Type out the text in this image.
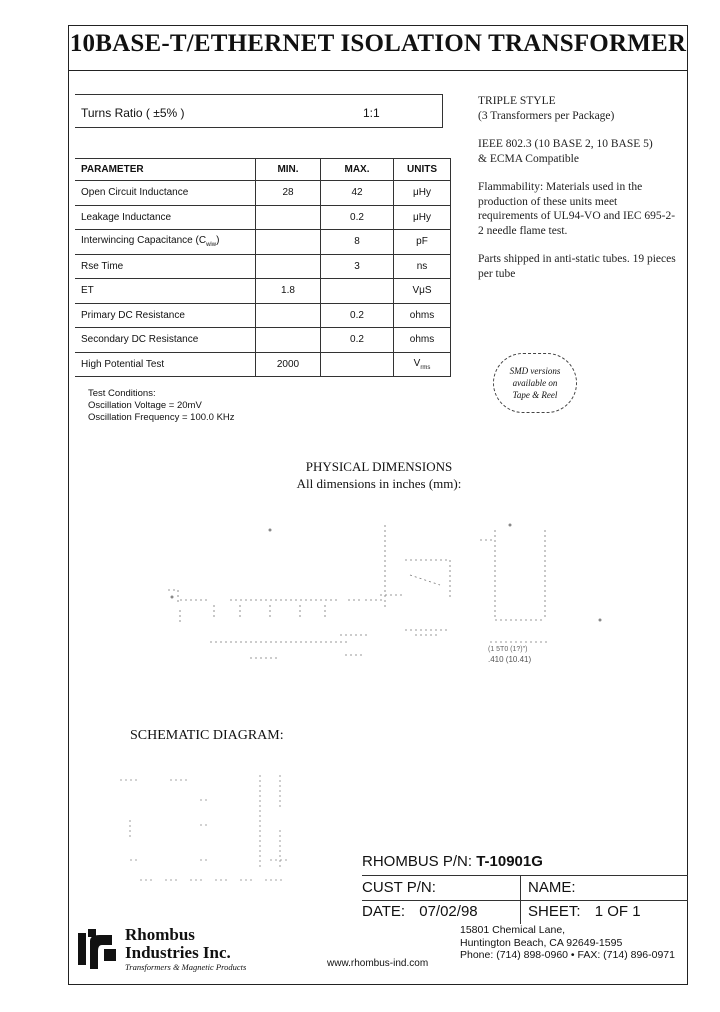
10BASE-T/ETHERNET ISOLATION TRANSFORMER
Turns Ratio ( ±5% )	1:1
PARAMETER	MIN.	MAX.	UNITS
Open Circuit Inductance	28	42	μHy
Leakage Inductance		0.2	μHy
Interwincing Capacitance $(C_{wiw})$		8	pF
Rse Time		3	ns
ET	1.8		VμS
Primary DC Resistance		0.2	ohms
Secondary DC Resistance		0.2	ohms
High Potential Test	2000		$V_{rms}$
Test Conditions:
Oscillation Voltage = 20mV
Oscillation Frequency = 100.0 KHz

TRIPLE STYLE
(3 Transformers per Package)

IEEE 802.3 (10 BASE 2, 10 BASE 5)
& ECMA Compatible

Flammability: Materials used in the production of these units meet requirements of UL94-VO and IEC 695-2-2 needle flame test.

Parts shipped in anti-static tubes. 19 pieces per tube

SMD versions
available on
Tape & Reel
PHYSICAL DIMENSIONS
All dimensions in inches (mm):
(1 5T0 (1?)")
.410 (10.41)
SCHEMATIC DIAGRAM:
RHOMBUS P/N: T-10901G
CUST P/N:	NAME:
DATE: 07/02/98	SHEET: 1 OF 1
Rhombus
Industries Inc.
Transformers & Magnetic Products	www.rhombus-ind.com
15801 Chemical Lane,
Huntington Beach, CA 92649-1595
Phone: (714) 898-0960 • FAX: (714) 896-0971
